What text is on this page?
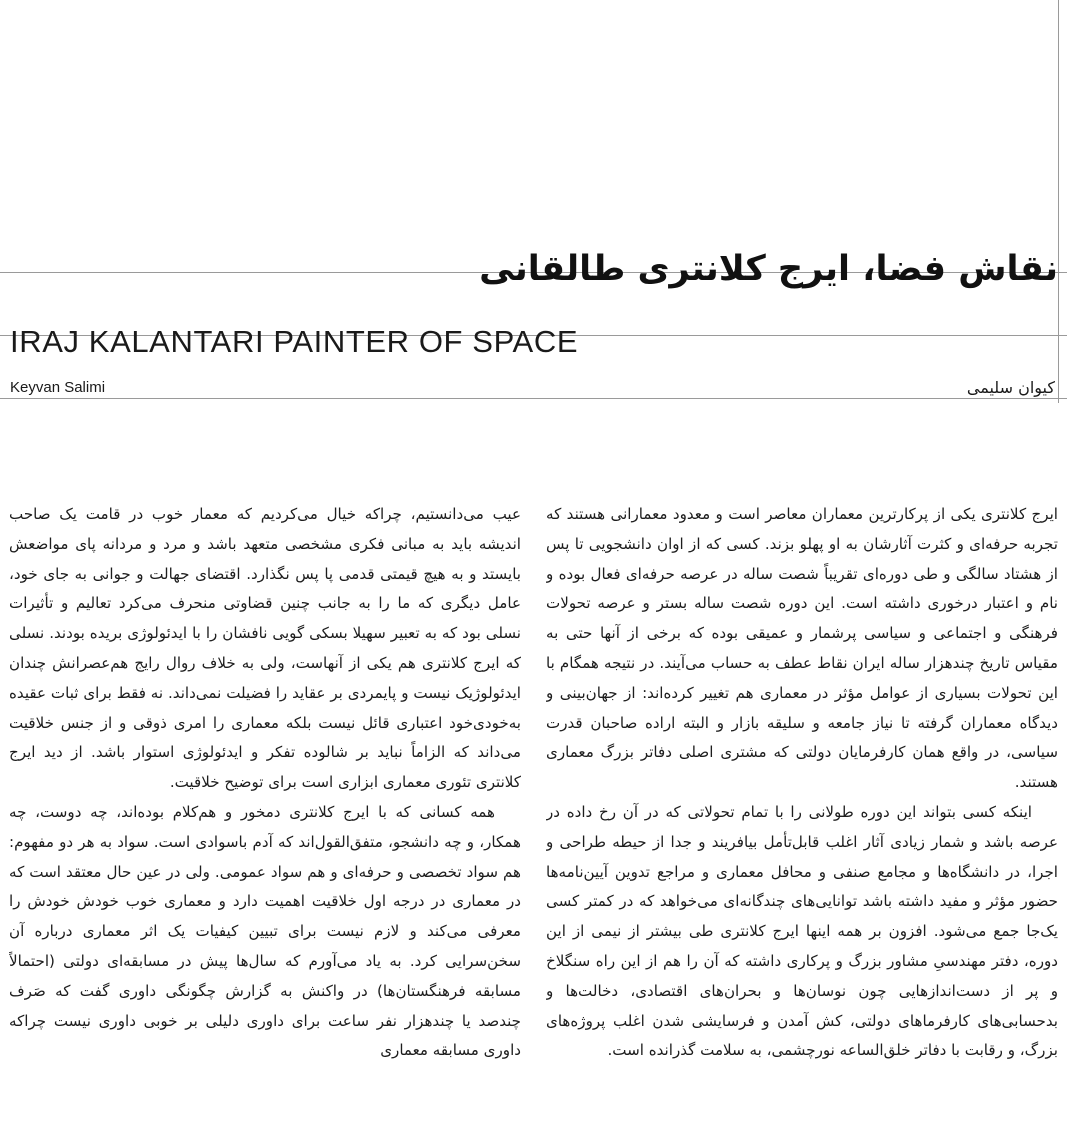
نقاش فضا، ایرج کلانتری طالقانی
IRAJ KALANTARI PAINTER OF SPACE
Keyvan Salimi	کیوان سلیمی

ایرج کلانتری یکی از پرکارترین معماران معاصر است و معدود معمارانی هستند که تجربه حرفه‌ای و کثرت آثارشان به او پهلو بزند. کسی که از اوان دانشجویی تا پس از هشتاد سالگی و طی دوره‌ای تقریباً شصت ساله در عرصه حرفه‌ای فعال بوده و نام و اعتبار درخوری داشته است. این دوره شصت ساله بستر و عرصه تحولات فرهنگی و اجتماعی و سیاسی پرشمار و عمیقی بوده که برخی از آنها حتی به مقیاس تاریخ چندهزار ساله ایران نقاط عطف به حساب می‌آیند. در نتیجه همگام با این تحولات بسیاری از عوامل مؤثر در معماری هم تغییر کرده‌اند: از جهان‌بینی و دیدگاه معماران گرفته تا نیاز جامعه و سلیقه بازار و البته اراده صاحبان قدرت سیاسی، در واقع همان کارفرمایان دولتی که مشتری اصلی دفاتر بزرگ معماری هستند.

اینکه کسی بتواند این دوره طولانی را با تمام تحولاتی که در آن رخ داده در عرصه باشد و شمار زیادی آثار اغلب قابل‌تأمل بیافریند و جدا از حیطه طراحی و اجرا، در دانشگاه‌ها و مجامع صنفی و محافل معماری و مراجع تدوین آیین‌نامه‌ها حضور مؤثر و مفید داشته باشد توانایی‌های چندگانه‌ای می‌خواهد که در کمتر کسی یک‌جا جمع می‌شود. افزون بر همه اینها ایرج کلانتری طی بیشتر از نیمی از این دوره، دفتر مهندسیِ مشاور بزرگ و پرکاری داشته که آن را هم از این راه سنگلاخ و پر از دست‌اندازهایی چون نوسان‌ها و بحران‌های اقتصادی، دخالت‌ها و بدحسابی‌های کارفرماهای دولتی، کش آمدن و فرسایشی شدن اغلب پروژه‌های بزرگ، و رقابت با دفاتر خلق‌الساعه نورچشمی، به سلامت گذرانده است.

عیب می‌دانستیم، چراکه خیال می‌کردیم که معمار خوب در قامت یک صاحب اندیشه باید به مبانی فکری مشخصی متعهد باشد و مرد و مردانه پای مواضعش بایستد و به هیچ قیمتی قدمی پا پس نگذارد. اقتضای جهالت و جوانی به جای خود، عامل دیگری که ما را به جانب چنین قضاوتی منحرف می‌کرد تعالیم و تأثیرات نسلی بود که به تعبیر سهیلا بسکی گویی نافشان را با ایدئولوژی بریده بودند. نسلی که ایرج کلانتری هم یکی از آنهاست، ولی به خلاف روال رایج هم‌عصرانش چندان ایدئولوژیک نیست و پایمردی بر عقاید را فضیلت نمی‌داند. نه فقط برای ثبات عقیده به‌خودی‌خود اعتباری قائل نیست بلکه معماری را امری ذوقی و از جنس خلاقیت می‌داند که الزاماً نباید بر شالوده تفکر و ایدئولوژی استوار باشد. از دید ایرج کلانتری تئوری معماری ابزاری است برای توضیح خلاقیت.

همه کسانی که با ایرج کلانتری دمخور و هم‌کلام بوده‌اند، چه دوست، چه همکار، و چه دانشجو، متفق‌القول‌اند که آدم باسوادی است. سواد به هر دو مفهوم: هم سواد تخصصی و حرفه‌ای و هم سواد عمومی. ولی در عین حال معتقد است که در معماری در درجه اول خلاقیت اهمیت دارد و معماری خوب خودش خودش را معرفی می‌کند و لازم نیست برای تبیین کیفیات یک اثر معماری درباره آن سخن‌سرایی کرد. به یاد می‌آورم که سال‌ها پیش در مسابقه‌ای دولتی (احتمالاً مسابقه فرهنگستان‌ها) در واکنش به گزارش چگونگی داوری گفت که صَرف چندصد یا چندهزار نفر ساعت برای داوری دلیلی بر خوبی داوری نیست چراکه داوری مسابقه معماری
